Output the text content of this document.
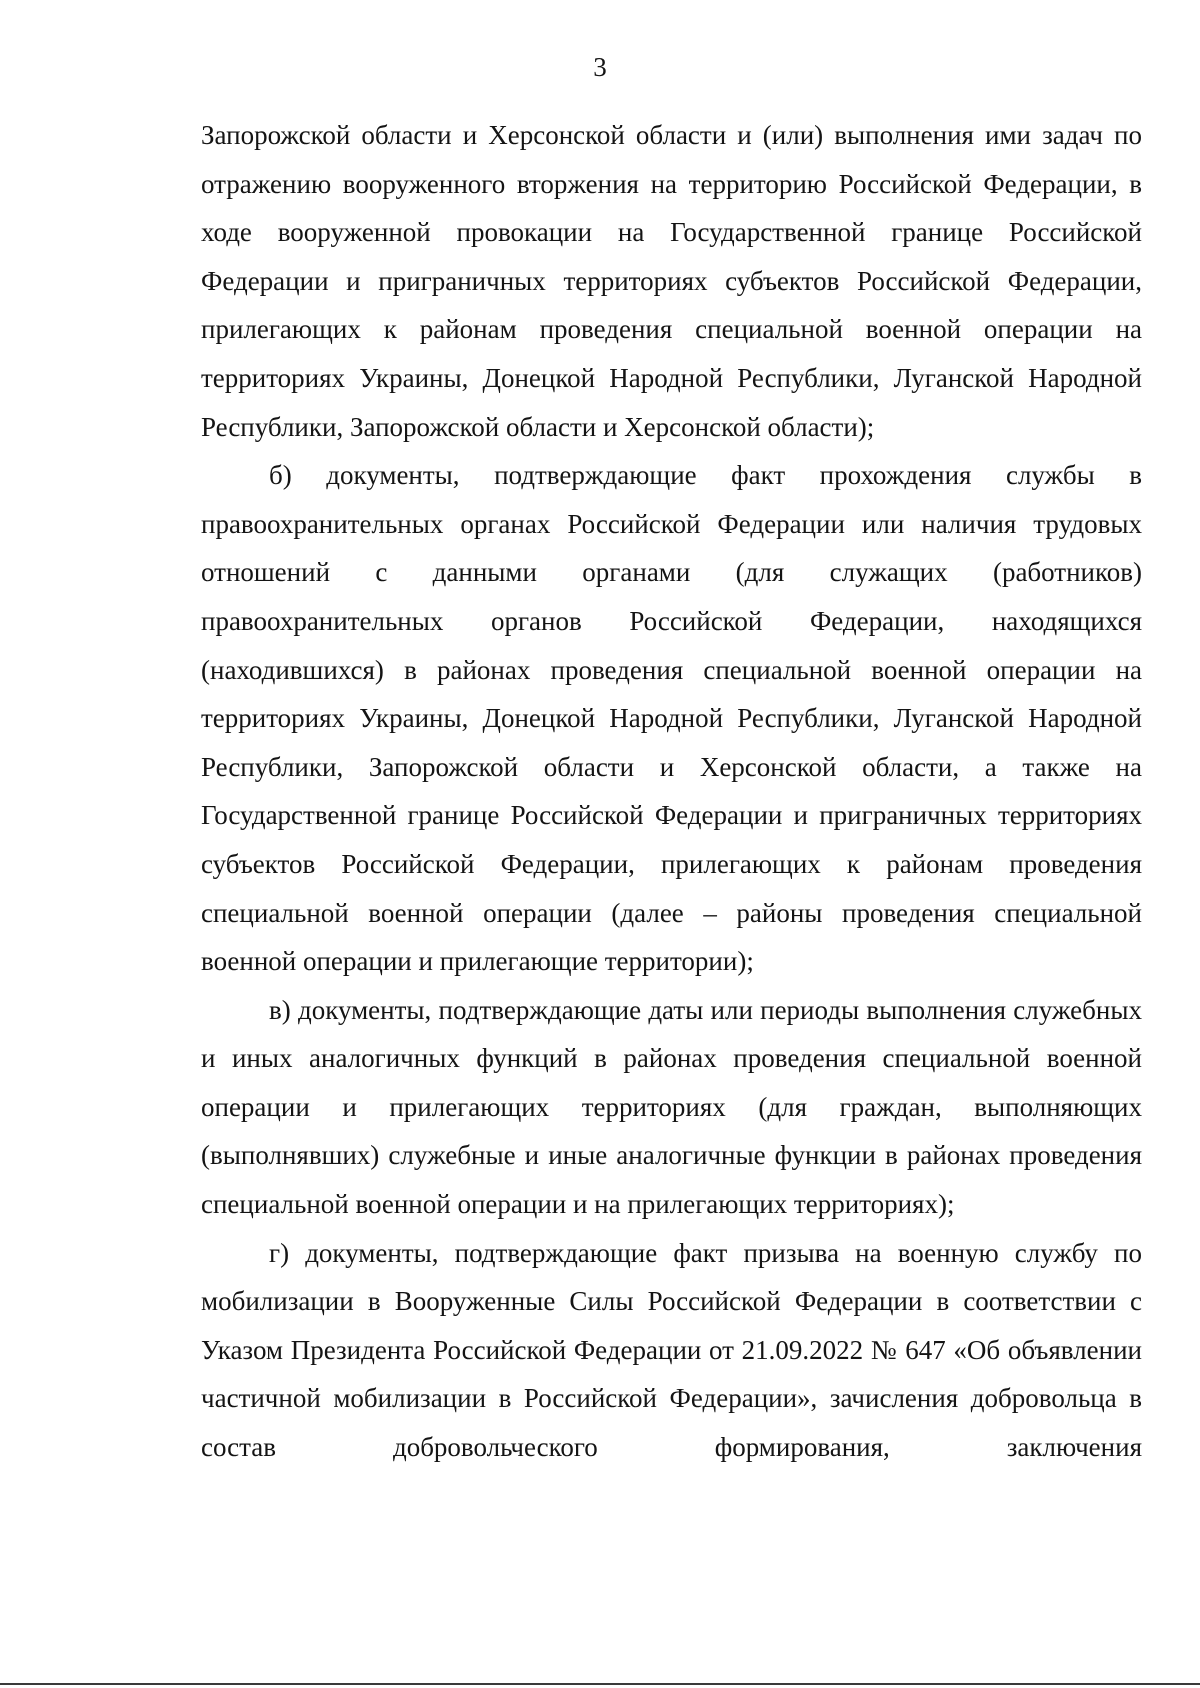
3

Запорожской области и Херсонской области и (или) выполнения ими задач по отражению вооруженного вторжения на территорию Российской Федерации, в ходе вооруженной провокации на Государственной границе Российской Федерации и приграничных территориях субъектов Российской Федерации, прилегающих к районам проведения специальной военной операции на территориях Украины, Донецкой Народной Республики, Луганской Народной Республики, Запорожской области и Херсонской области);

б) документы, подтверждающие факт прохождения службы в правоохранительных органах Российской Федерации или наличия трудовых отношений с данными органами (для служащих (работников) правоохранительных органов Российской Федерации, находящихся (находившихся) в районах проведения специальной военной операции на территориях Украины, Донецкой Народной Республики, Луганской Народной Республики, Запорожской области и Херсонской области, а также на Государственной границе Российской Федерации и приграничных территориях субъектов Российской Федерации, прилегающих к районам проведения специальной военной операции (далее – районы проведения специальной военной операции и прилегающие территории);

в) документы, подтверждающие даты или периоды выполнения служебных и иных аналогичных функций в районах проведения специальной военной операции и прилегающих территориях (для граждан, выполняющих (выполнявших) служебные и иные аналогичные функции в районах проведения специальной военной операции и на прилегающих территориях);

г) документы, подтверждающие факт призыва на военную службу по мобилизации в Вооруженные Силы Российской Федерации в соответствии с Указом Президента Российской Федерации от 21.09.2022 № 647 «Об объявлении частичной мобилизации в Российской Федерации», зачисления добровольца в состав добровольческого формирования, заключения
